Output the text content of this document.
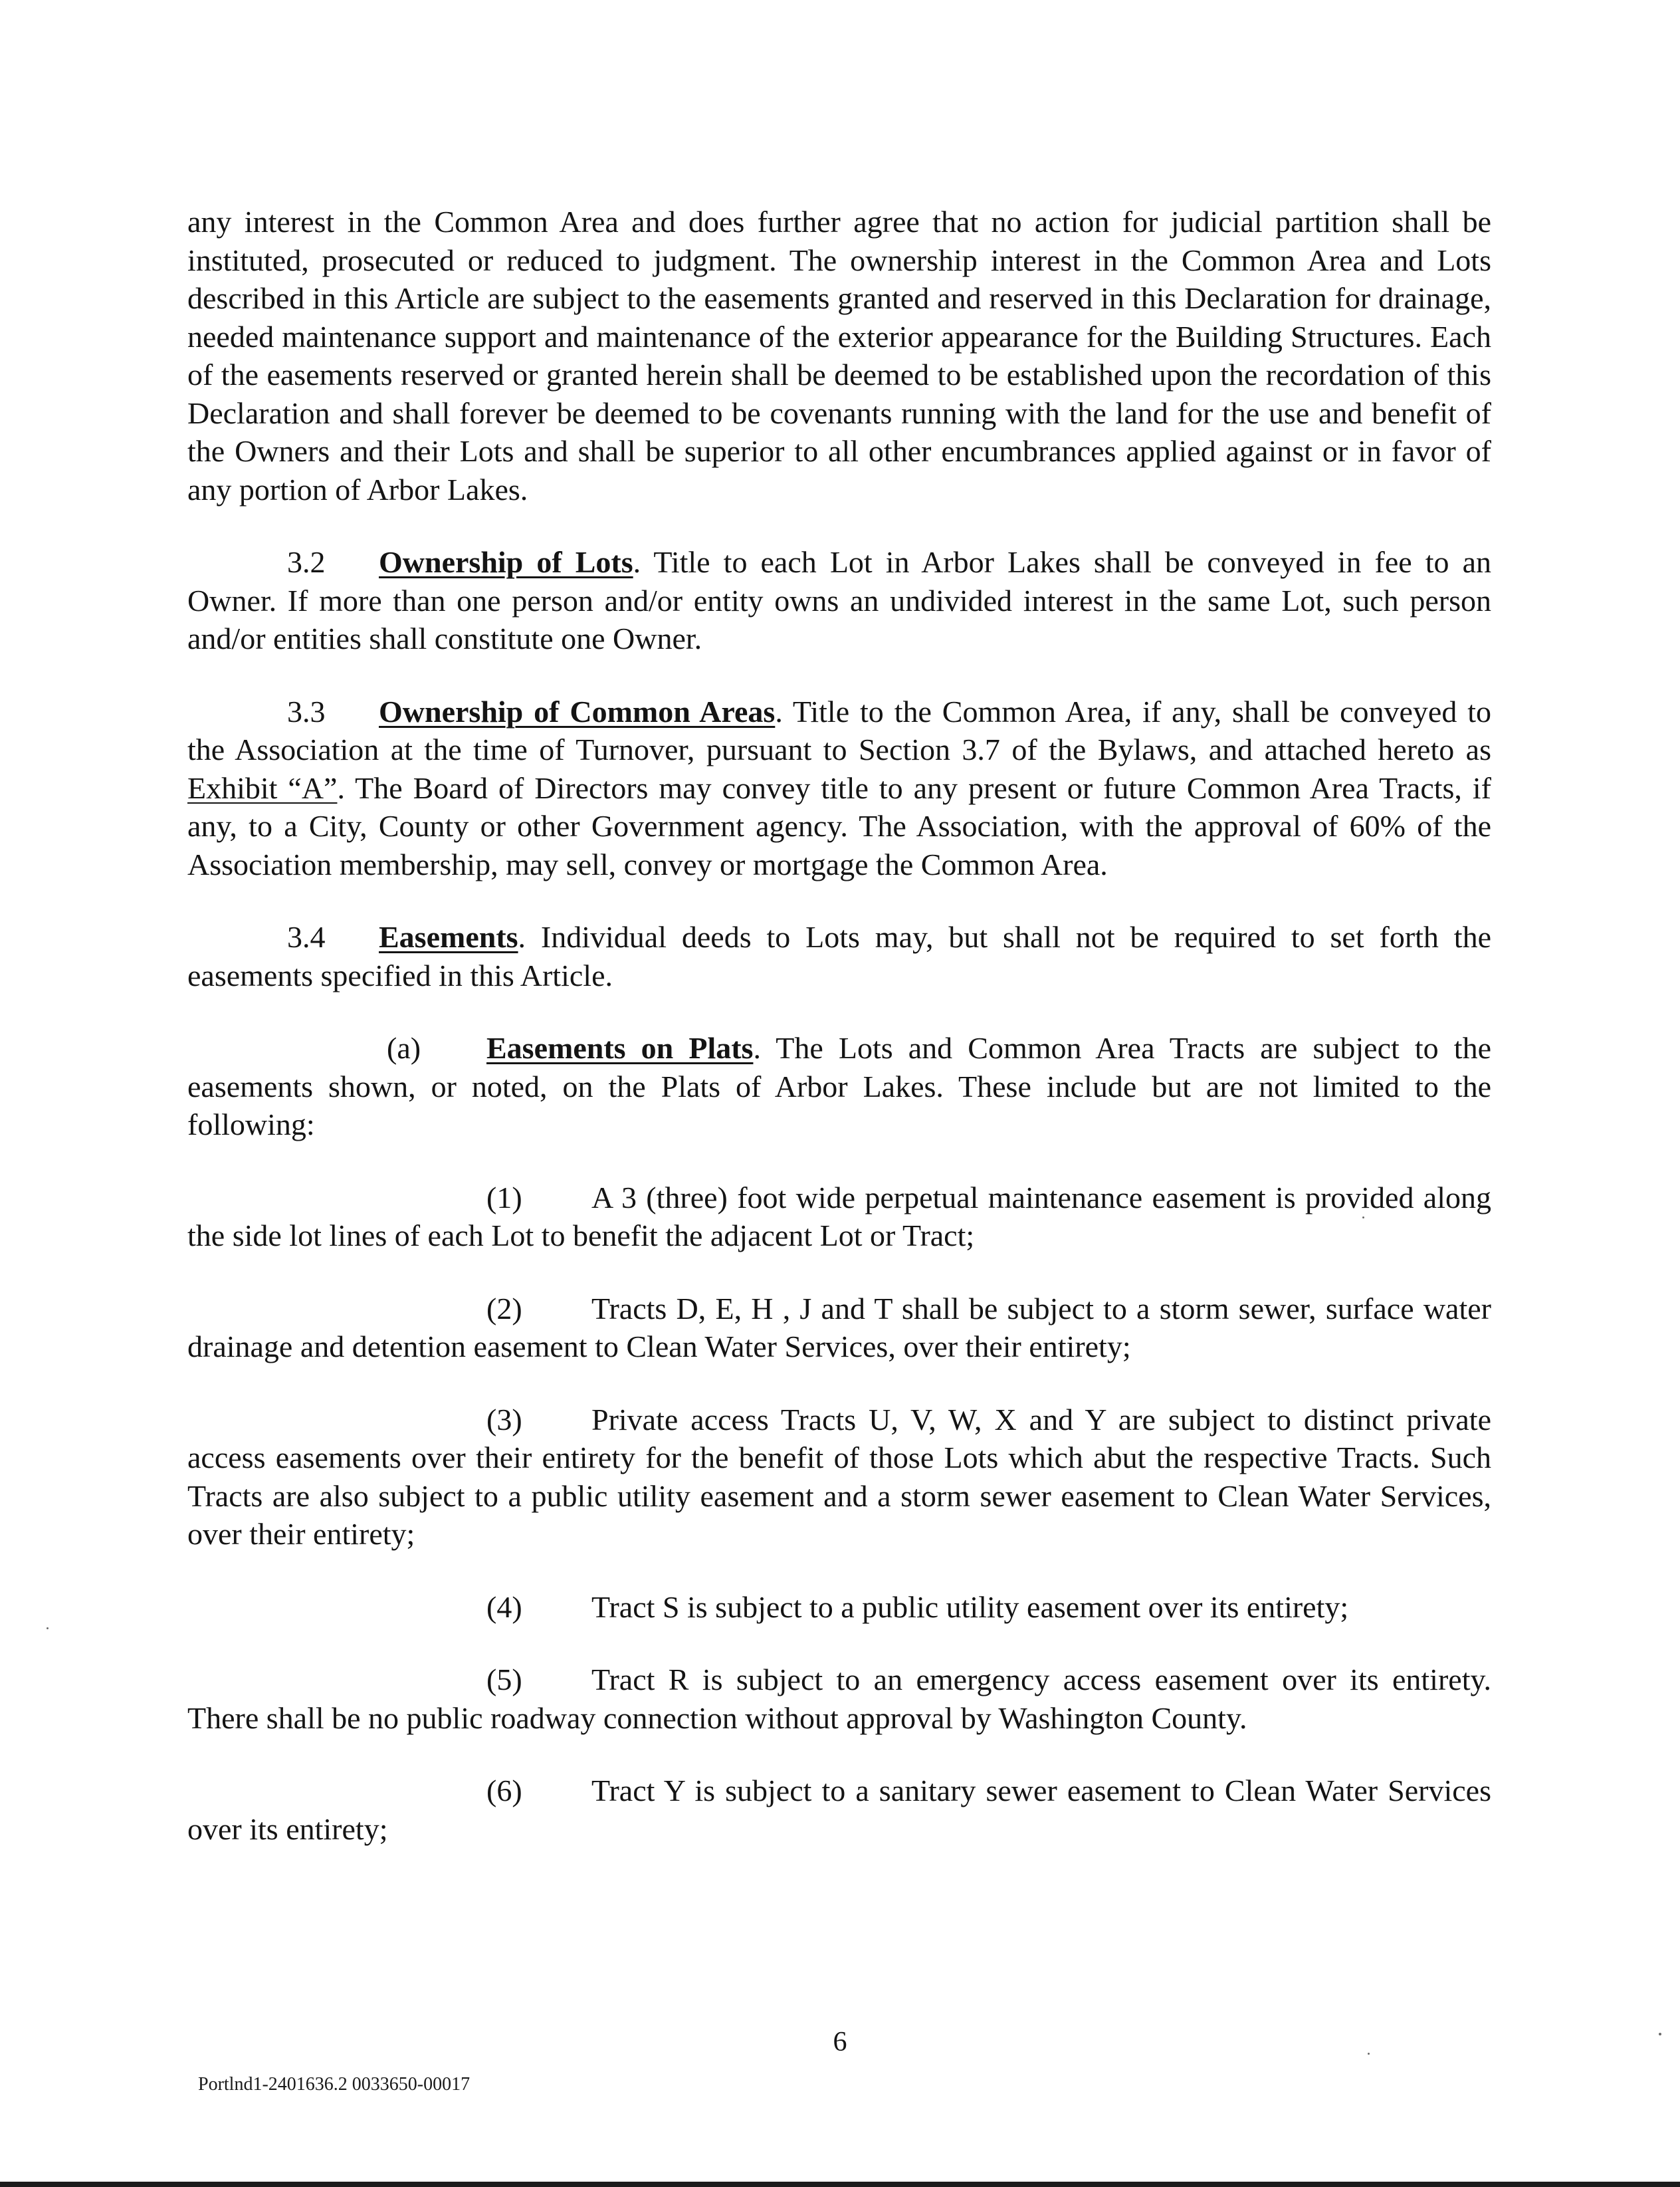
any interest in the Common Area and does further agree that no action for judicial partition shall be instituted, prosecuted or reduced to judgment. The ownership interest in the Common Area and Lots described in this Article are subject to the easements granted and reserved in this Declaration for drainage, needed maintenance support and maintenance of the exterior appearance for the Building Structures. Each of the easements reserved or granted herein shall be deemed to be established upon the recordation of this Declaration and shall forever be deemed to be covenants running with the land for the use and benefit of the Owners and their Lots and shall be superior to all other encumbrances applied against or in favor of any portion of Arbor Lakes.

3.2 Ownership of Lots. Title to each Lot in Arbor Lakes shall be conveyed in fee to an Owner. If more than one person and/or entity owns an undivided interest in the same Lot, such person and/or entities shall constitute one Owner.

3.3 Ownership of Common Areas. Title to the Common Area, if any, shall be conveyed to the Association at the time of Turnover, pursuant to Section 3.7 of the Bylaws, and attached hereto as Exhibit “A”. The Board of Directors may convey title to any present or future Common Area Tracts, if any, to a City, County or other Government agency. The Association, with the approval of 60% of the Association membership, may sell, convey or mortgage the Common Area.

3.4 Easements. Individual deeds to Lots may, but shall not be required to set forth the easements specified in this Article.

(a) Easements on Plats. The Lots and Common Area Tracts are subject to the easements shown, or noted, on the Plats of Arbor Lakes. These include but are not limited to the following:

(1) A 3 (three) foot wide perpetual maintenance easement is provided along the side lot lines of each Lot to benefit the adjacent Lot or Tract;

(2) Tracts D, E, H , J and T shall be subject to a storm sewer, surface water drainage and detention easement to Clean Water Services, over their entirety;

(3) Private access Tracts U, V, W, X and Y are subject to distinct private access easements over their entirety for the benefit of those Lots which abut the respective Tracts. Such Tracts are also subject to a public utility easement and a storm sewer easement to Clean Water Services, over their entirety;

(4) Tract S is subject to a public utility easement over its entirety;

(5) Tract R is subject to an emergency access easement over its entirety. There shall be no public roadway connection without approval by Washington County.

(6) Tract Y is subject to a sanitary sewer easement to Clean Water Services over its entirety;

6
Portlnd1-2401636.2 0033650-00017
